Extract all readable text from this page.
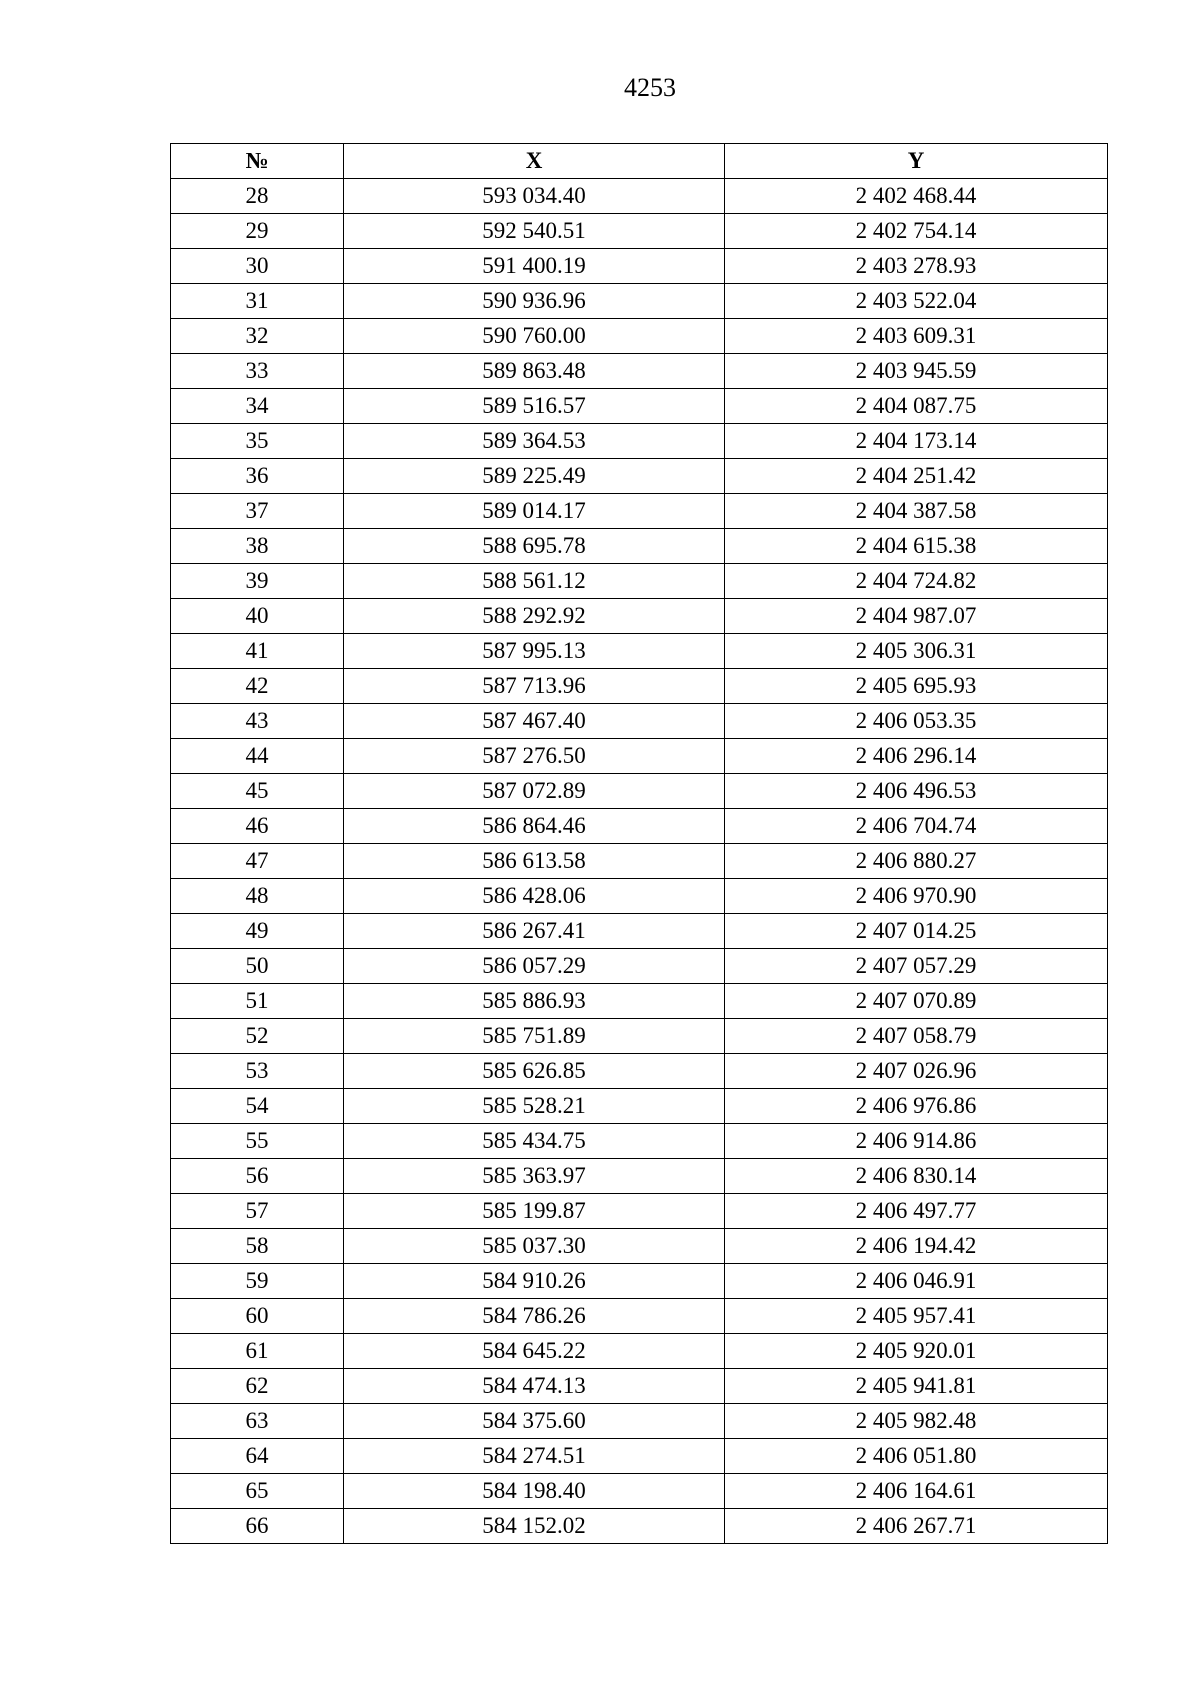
4253
№	X	Y
28	593 034.40	2 402 468.44
29	592 540.51	2 402 754.14
30	591 400.19	2 403 278.93
31	590 936.96	2 403 522.04
32	590 760.00	2 403 609.31
33	589 863.48	2 403 945.59
34	589 516.57	2 404 087.75
35	589 364.53	2 404 173.14
36	589 225.49	2 404 251.42
37	589 014.17	2 404 387.58
38	588 695.78	2 404 615.38
39	588 561.12	2 404 724.82
40	588 292.92	2 404 987.07
41	587 995.13	2 405 306.31
42	587 713.96	2 405 695.93
43	587 467.40	2 406 053.35
44	587 276.50	2 406 296.14
45	587 072.89	2 406 496.53
46	586 864.46	2 406 704.74
47	586 613.58	2 406 880.27
48	586 428.06	2 406 970.90
49	586 267.41	2 407 014.25
50	586 057.29	2 407 057.29
51	585 886.93	2 407 070.89
52	585 751.89	2 407 058.79
53	585 626.85	2 407 026.96
54	585 528.21	2 406 976.86
55	585 434.75	2 406 914.86
56	585 363.97	2 406 830.14
57	585 199.87	2 406 497.77
58	585 037.30	2 406 194.42
59	584 910.26	2 406 046.91
60	584 786.26	2 405 957.41
61	584 645.22	2 405 920.01
62	584 474.13	2 405 941.81
63	584 375.60	2 405 982.48
64	584 274.51	2 406 051.80
65	584 198.40	2 406 164.61
66	584 152.02	2 406 267.71
